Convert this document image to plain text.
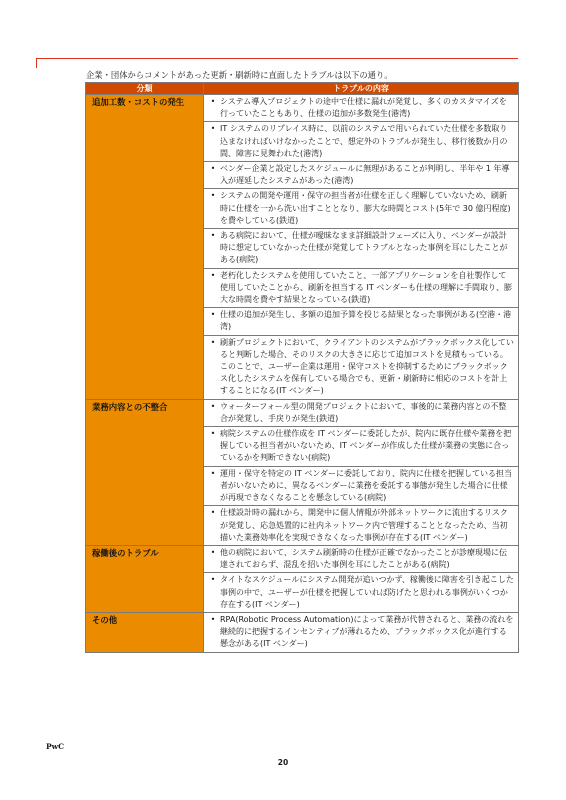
企業・団体からコメントがあった更新・刷新時に直面したトラブルは以下の通り。
分類	トラブルの内容
追加工数・コストの発生	• システム導入プロジェクトの途中で仕様に漏れが発覚し、多くのカスタマイズを行っていたこともあり、仕様の追加が多数発生(港湾)

	• IT システムのリプレイス時に、以前のシステムで用いられていた仕様を多数取り込まなければいけなかったことで、想定外のトラブルが発生し、移行後数か月の間、障害に見舞われた(港湾)

	• ベンダー企業と設定したスケジュールに無理があることが判明し、半年や 1 年導入が遅延したシステムがあった(港湾)

	• システムの開発や運用・保守の担当者が仕様を正しく理解していないため、刷新時に仕様を一から洗い出すこととなり、膨大な時間とコスト(5年で 30 億円程度)を費やしている(鉄道)

	• ある病院において、仕様が曖昧なまま詳細設計フェーズに入り、ベンダーが設計時に想定していなかった仕様が発覚してトラブルとなった事例を耳にしたことがある(病院)

	• 老朽化したシステムを使用していたこと、一部アプリケーションを自社製作して使用していたことから、刷新を担当する IT ベンダーも仕様の理解に手間取り、膨大な時間を費やす結果となっている(鉄道)

	• 仕様の追加が発生し、多額の追加予算を投じる結果となった事例がある(空港・港湾)

	• 刷新プロジェクトにおいて、クライアントのシステムがブラックボックス化していると判断した場合、そのリスクの大きさに応じて追加コストを見積もっている。このことで、ユーザー企業は運用・保守コストを抑制するためにブラックボックス化したシステムを保有している場合でも、更新・刷新時に相応のコストを計上することになる(IT ベンダー)

業務内容との不整合	• ウォーターフォール型の開発プロジェクトにおいて、事後的に業務内容との不整合が発覚し、手戻りが発生(鉄道)

	• 病院システムの仕様作成を IT ベンダーに委託したが、院内に既存仕様や業務を把握している担当者がいないため、IT ベンダーが作成した仕様が業務の実態に合っているかを判断できない(病院)

	• 運用・保守を特定の IT ベンダーに委託しており、院内に仕様を把握している担当者がいないために、異なるベンダーに業務を委託する事態が発生した場合に仕様が再現できなくなることを懸念している(病院)

	• 仕様設計時の漏れから、開発中に個人情報が外部ネットワークに流出するリスクが発覚し、応急処置的に社内ネットワーク内で管理することとなったため、当初描いた業務効率化を実現できなくなった事例が存在する(IT ベンダー)

稼働後のトラブル	• 他の病院において、システム刷新時の仕様が正確でなかったことが診療現場に伝達されておらず、混乱を招いた事例を耳にしたことがある(病院)

	• タイトなスケジュールにシステム開発が追いつかず、稼働後に障害を引き起こした事例の中で、ユーザーが仕様を把握していれば防げたと思われる事例がいくつか存在する(IT ベンダー)

その他	• RPA(Robotic Process Automation)によって業務が代替されると、業務の流れを継続的に把握するインセンティブが薄れるため、ブラックボックス化が進行する懸念がある(IT ベンダー)
PwC
20
